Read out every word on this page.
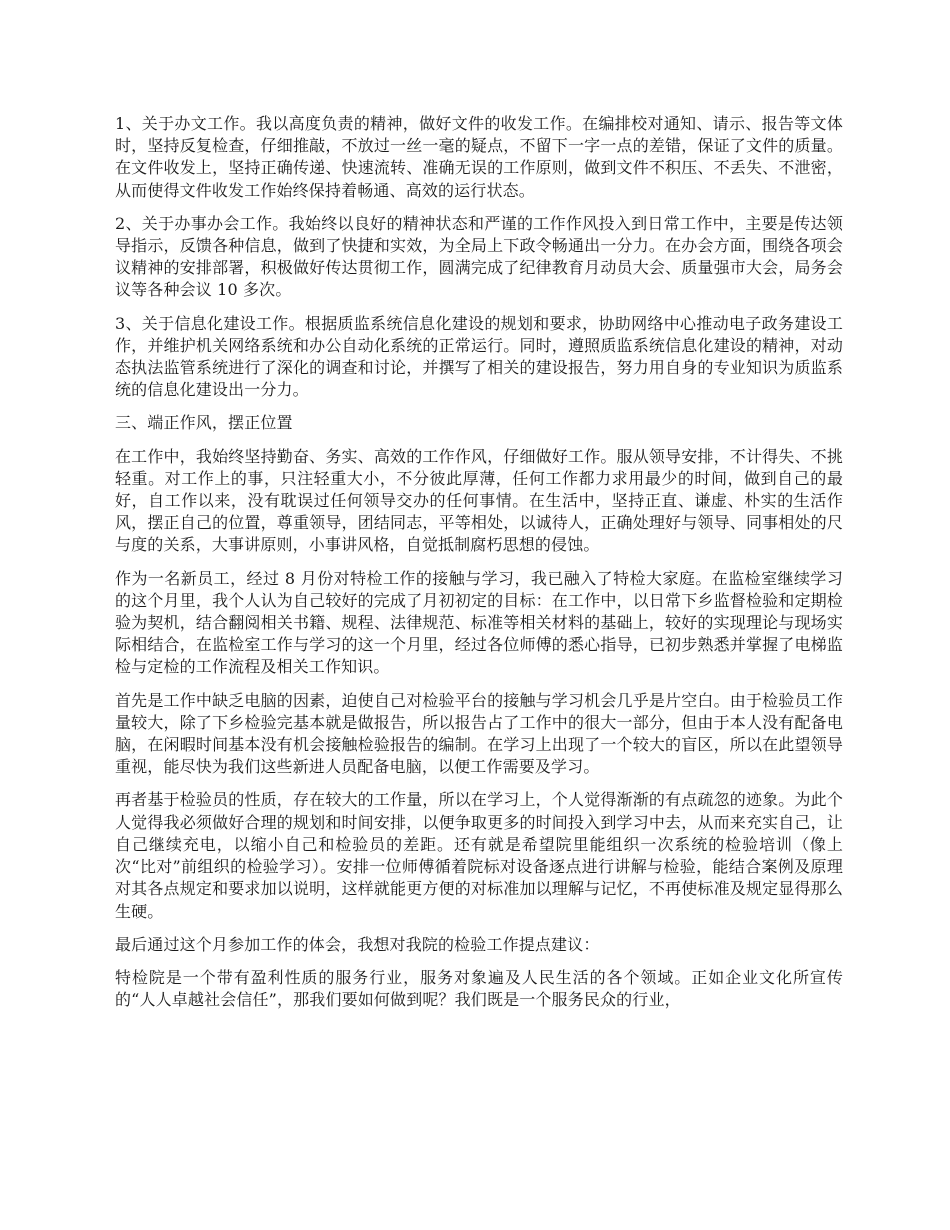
1、关于办文工作。我以高度负责的精神，做好文件的收发工作。在编排校对通知、请示、报告等文体时，坚持反复检查，仔细推敲，不放过一丝一毫的疑点，不留下一字一点的差错，保证了文件的质量。在文件收发上，坚持正确传递、快速流转、准确无误的工作原则，做到文件不积压、不丢失、不泄密，从而使得文件收发工作始终保持着畅通、高效的运行状态。

2、关于办事办会工作。我始终以良好的精神状态和严谨的工作作风投入到日常工作中，主要是传达领导指示，反馈各种信息，做到了快捷和实效，为全局上下政令畅通出一分力。在办会方面，围绕各项会议精神的安排部署，积极做好传达贯彻工作，圆满完成了纪律教育月动员大会、质量强市大会，局务会议等各种会议 10 多次。

3、关于信息化建设工作。根据质监系统信息化建设的规划和要求，协助网络中心推动电子政务建设工作，并维护机关网络系统和办公自动化系统的正常运行。同时，遵照质监系统信息化建设的精神，对动态执法监管系统进行了深化的调查和讨论，并撰写了相关的建设报告，努力用自身的专业知识为质监系统的信息化建设出一分力。

三、端正作风，摆正位置

在工作中，我始终坚持勤奋、务实、高效的工作作风，仔细做好工作。服从领导安排，不计得失、不挑轻重。对工作上的事，只注轻重大小，不分彼此厚薄，任何工作都力求用最少的时间，做到自己的最好，自工作以来，没有耽误过任何领导交办的任何事情。在生活中，坚持正直、谦虚、朴实的生活作风，摆正自己的位置，尊重领导，团结同志，平等相处，以诚待人，正确处理好与领导、同事相处的尺与度的关系，大事讲原则，小事讲风格，自觉抵制腐朽思想的侵蚀。

作为一名新员工，经过 8 月份对特检工作的接触与学习，我已融入了特检大家庭。在监检室继续学习的这个月里，我个人认为自己较好的完成了月初初定的目标：在工作中，以日常下乡监督检验和定期检验为契机，结合翻阅相关书籍、规程、法律规范、标准等相关材料的基础上，较好的实现理论与现场实际相结合，在监检室工作与学习的这一个月里，经过各位师傅的悉心指导，已初步熟悉并掌握了电梯监检与定检的工作流程及相关工作知识。

首先是工作中缺乏电脑的因素，迫使自己对检验平台的接触与学习机会几乎是片空白。由于检验员工作量较大，除了下乡检验完基本就是做报告，所以报告占了工作中的很大一部分，但由于本人没有配备电脑，在闲暇时间基本没有机会接触检验报告的编制。在学习上出现了一个较大的盲区，所以在此望领导重视，能尽快为我们这些新进人员配备电脑，以便工作需要及学习。

再者基于检验员的性质，存在较大的工作量，所以在学习上，个人觉得渐渐的有点疏忽的迹象。为此个人觉得我必须做好合理的规划和时间安排，以便争取更多的时间投入到学习中去，从而来充实自己，让自己继续充电，以缩小自己和检验员的差距。还有就是希望院里能组织一次系统的检验培训（像上次“比对”前组织的检验学习）。安排一位师傅循着院标对设备逐点进行讲解与检验，能结合案例及原理对其各点规定和要求加以说明，这样就能更方便的对标准加以理解与记忆，不再使标准及规定显得那么生硬。

最后通过这个月参加工作的体会，我想对我院的检验工作提点建议：

特检院是一个带有盈利性质的服务行业，服务对象遍及人民生活的各个领域。正如企业文化所宣传的“人人卓越社会信任”，那我们要如何做到呢？我们既是一个服务民众的行业，
